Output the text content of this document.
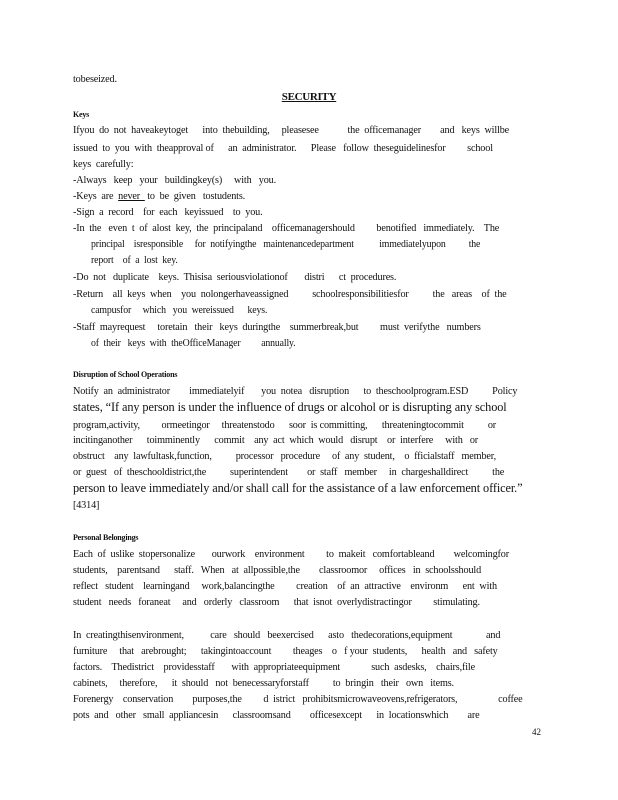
tobeseized.
SECURITY
Keys
Ifyou  do  not  haveakeytoget      into  thebuilding,     pleasesee            the  officemanager        and   keys  willbe
issued  to  you  with  theapproval of      an  administrator.      Please   follow  theseguidelinesfor         school
keys  carefully:
-Always   keep   your   buildingkey(s)     with   you.
-Keys  are  never   to  be  given   tostudents.
-Sign  a  record    for  each   keyissued    to  you.
-In  the   even  t  of  alost  key,  the  principaland    officemanagershould         benotified   immediately.    The
principal    isresponsible     for  notifyingthe   maintenancedepartment           immediatelyupon          the
report    of  a  lost  key.
-Do  not   duplicate    keys.  Thisisa  seriousviolationof       distri      ct  procedures.
-Return    all  keys  when    you  nolongerhaveassigned          schoolresponsibilitiesfor          the   areas    of  the
campusfor     which   you  wereissued      keys.
-Staff  mayrequest     toretain   their   keys  duringthe    summerbreak,but         must  verifythe   numbers
of  their   keys  with  theOfficeManager         annually.
Disruption of School Operations
Notify  an  administrator        immediatelyif       you  notea   disruption      to  theschoolprogram.ESD          Policy
states, “If any person is under the influence of drugs or alcohol or is disrupting any school
program,activity,         ormeetingor     threatenstodo      soor  is committing,      threateningtocommit          or
incitinganother      toimminently      commit    any  act  which  would   disrupt    or  interfere     with   or
obstruct    any  lawfultask,function,          processor   procedure     of  any  student,    o  fficialstaff   member,
or  guest   of  theschooldistrict,the          superintendent        or  staff   member     in  chargeshalldirect          the
person to leave immediately and/or shall call for the assistance of a law enforcement officer.”
[4314]
Personal Belongings
Each  of  uslike  stopersonalize       ourwork    environment         to  makeit   comfortableand        welcomingfor
students,    parentsand      staff.   When   at  allpossible,the        classroomor     offices   in  schoolsshould
reflect   student    learningand     work,balancingthe         creation    of  an  attractive    environm      ent  with
student   needs   foraneat     and   orderly   classroom      that  isnot  overlydistractingor         stimulating.
In  creatingthisenvironment,           care   should   beexercised      asto   thedecorations,equipment              and
furniture     that   arebrought;      takingintoaccount         theages    o   f your  students,      health   and   safety
factors.    Thedistrict    providesstaff       with  appropriateequipment             such  asdesks,    chairs,file
cabinets,     therefore,      it  should   not  benecessaryforstaff          to  bringin   their   own   items.
Forenergy    conservation        purposes,the         d  istrict   prohibitsmicrowaveovens,refrigerators,                 coffee
pots  and   other   small  appliancesin      classroomsand        officesexcept      in  locationswhich        are
42
